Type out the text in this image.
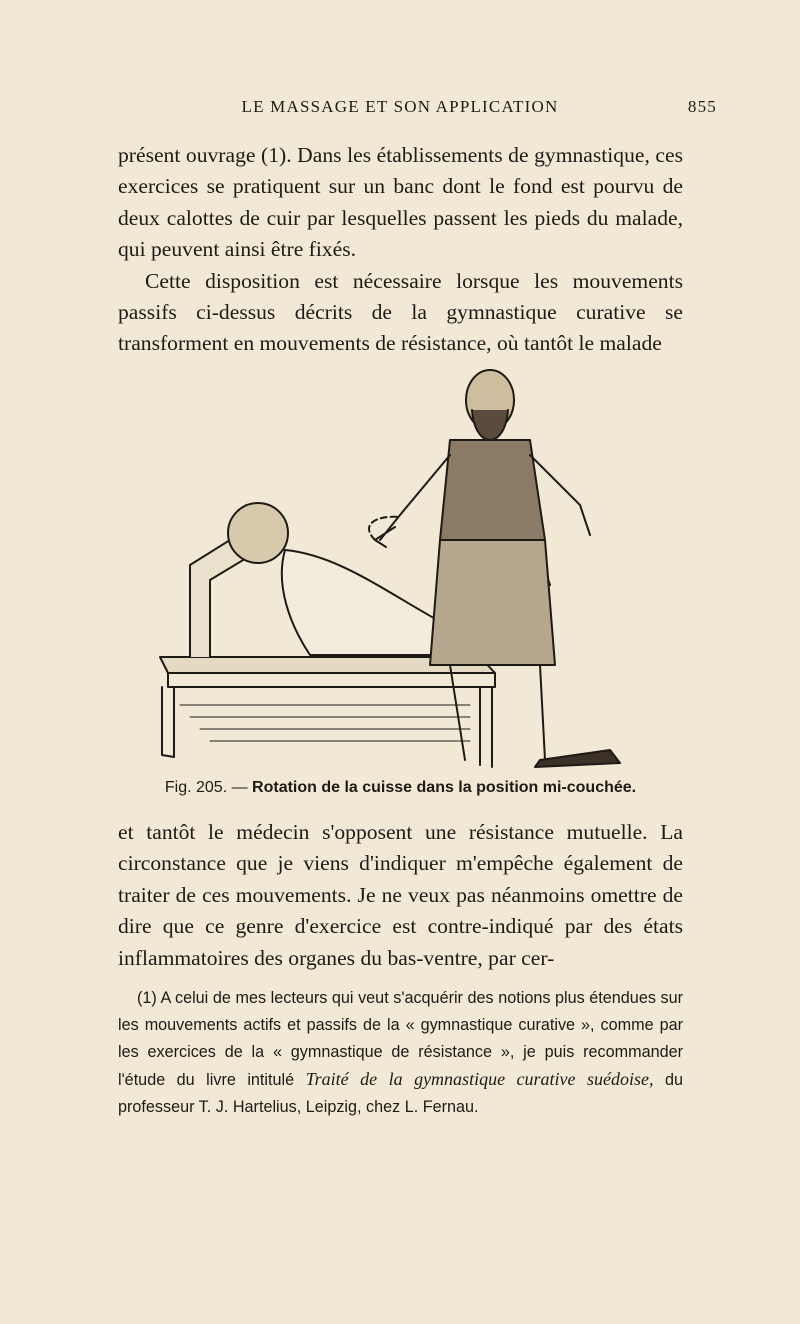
LE MASSAGE ET SON APPLICATION	855

présent ouvrage (1). Dans les établissements de gymnastique, ces exercices se pratiquent sur un banc dont le fond est pourvu de deux calottes de cuir par lesquelles passent les pieds du malade, qui peuvent ainsi être fixés.

Cette disposition est nécessaire lorsque les mouvements passifs ci-dessus décrits de la gymnastique curative se transforment en mouvements de résistance, où tantôt le malade

Fig. 205. — Rotation de la cuisse dans la position mi-couchée.

et tantôt le médecin s'opposent une résistance mutuelle. La circonstance que je viens d'indiquer m'empêche également de traiter de ces mouvements. Je ne veux pas néanmoins omettre de dire que ce genre d'exercice est contre-indiqué par des états inflammatoires des organes du bas-ventre, par cer-

(1) A celui de mes lecteurs qui veut s'acquérir des notions plus étendues sur les mouvements actifs et passifs de la « gymnastique curative », comme par les exercices de la « gymnastique de résistance », je puis recommander l'étude du livre intitulé Traité de la gymnastique curative suédoise, du professeur T. J. Hartelius, Leipzig, chez L. Fernau.
